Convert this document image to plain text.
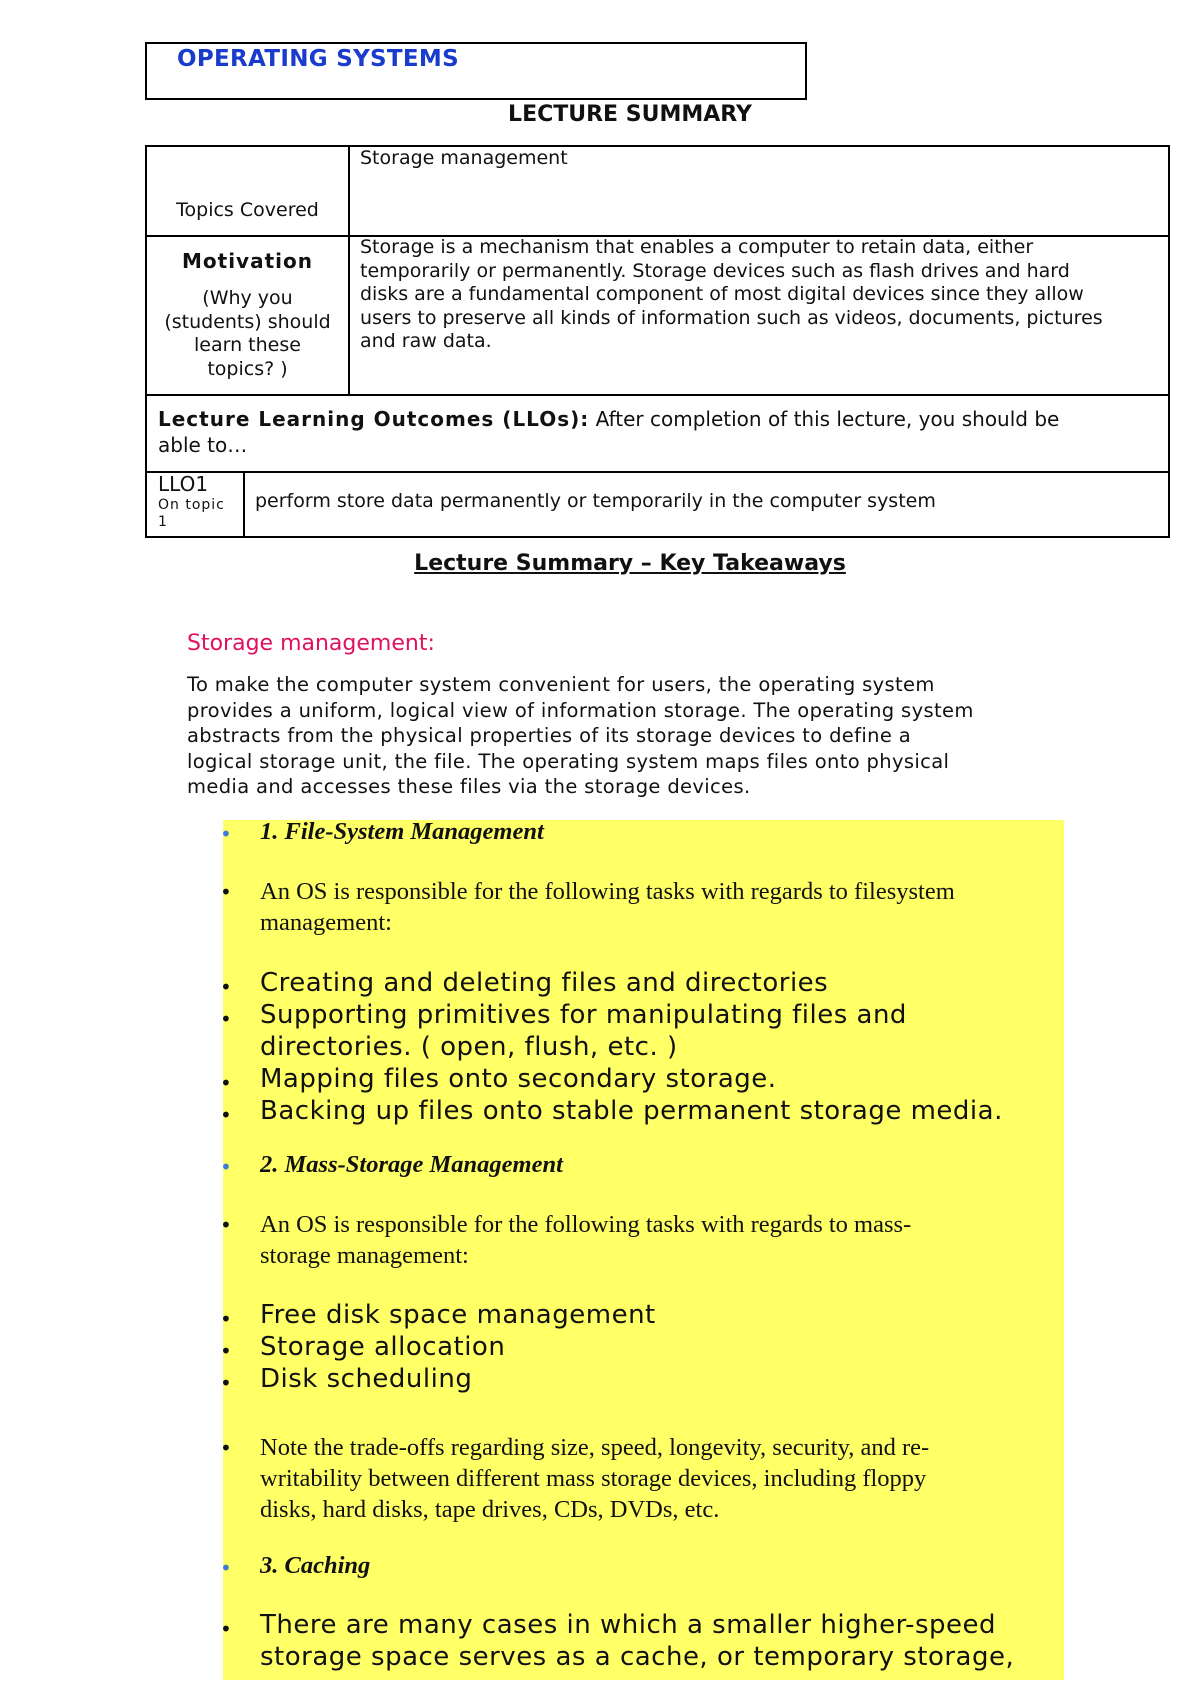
OPERATING SYSTEMS
LECTURE SUMMARY
Topics Covered
Storage management
Motivation
(Why you
(students) should
learn these
topics? )
Storage is a mechanism that enables a computer to retain data, either
temporarily or permanently. Storage devices such as flash drives and hard
disks are a fundamental component of most digital devices since they allow
users to preserve all kinds of information such as videos, documents, pictures
and raw data.
Lecture Learning Outcomes (LLOs): After completion of this lecture, you should be
able to…
LLO1
On topic
1
perform store data permanently or temporarily in the computer system
Lecture Summary – Key Takeaways
Storage management:
To make the computer system convenient for users, the operating system
provides a uniform, logical view of information storage. The operating system
abstracts from the physical properties of its storage devices to define a
logical storage unit, the file. The operating system maps files onto physical
media and accesses these files via the storage devices.
• 1. File-System Management
• An OS is responsible for the following tasks with regards to filesystem
management:
• Creating and deleting files and directories
• Supporting primitives for manipulating files and
directories. ( open, flush, etc. )
• Mapping files onto secondary storage.
• Backing up files onto stable permanent storage media.
• 2. Mass-Storage Management
• An OS is responsible for the following tasks with regards to mass-
storage management:
• Free disk space management
• Storage allocation
• Disk scheduling
• Note the trade-offs regarding size, speed, longevity, security, and re-
writability between different mass storage devices, including floppy
disks, hard disks, tape drives, CDs, DVDs, etc.
• 3. Caching
• There are many cases in which a smaller higher-speed
storage space serves as a cache, or temporary storage,
